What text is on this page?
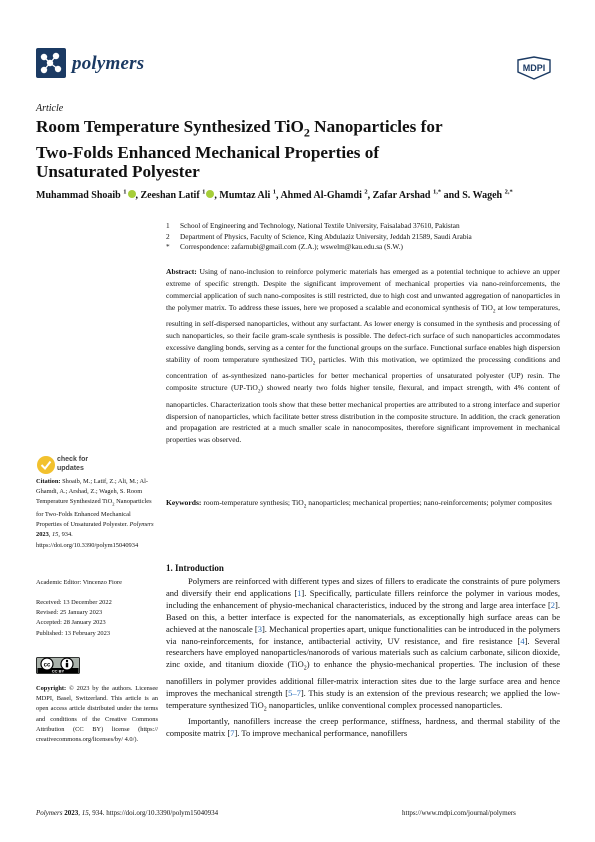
polymers	MDPI
Article
Room Temperature Synthesized TiO$_2$ Nanoparticles for
Two-Folds Enhanced Mechanical Properties of
Unsaturated Polyester
Muhammad Shoaib $^1$ , Zeeshan Latif $^1$ , Mumtaz Ali $^1$, Ahmed Al-Ghamdi $^2$, Zafar Arshad $^{1,*}$ and S. Wageh $^{2,*}$
1 School of Engineering and Technology, National Textile University, Faisalabad 37610, Pakistan
2 Department of Physics, Faculty of Science, King Abdulaziz University, Jeddah 21589, Saudi Arabia
* Correspondence: zafarnubi@gmail.com (Z.A.); wswelm@kau.edu.sa (S.W.)
Abstract: Using of nano-inclusion to reinforce polymeric materials has emerged as a potential technique to achieve an upper extreme of specific strength. Despite the significant improvement of mechanical properties via nano-reinforcements, the commercial application of such nano-composites is still restricted, due to high cost and unwanted aggregation of nanoparticles in the polymer matrix. To address these issues, here we proposed a scalable and economical synthesis of TiO$_2$ at low temperatures, resulting in self-dispersed nanoparticles, without any surfactant. As lower energy is consumed in the synthesis and processing of such nanoparticles, so their facile gram-scale synthesis is possible. The defect-rich surface of such nanoparticles accommodates excessive dangling bonds, serving as a center for the functional groups on the surface. Functional surface enables high dispersion stability of room temperature synthesized TiO$_2$ particles. With this motivation, we optimized the processing conditions and concentration of as-synthesized nano-particles for better mechanical properties of unsaturated polyester (UP) resin. The composite structure (UP-TiO$_2$) showed nearly two folds higher tensile, flexural, and impact strength, with 4% content of nanoparticles. Characterization tools show that these better mechanical properties are attributed to a strong interface and superior dispersion of nanoparticles, which facilitate better stress distribution in the composite structure. In addition, the crack generation and propagation are restricted at a much smaller scale in nanocomposites, therefore significant improvement in mechanical properties was observed.
Keywords: room-temperature synthesis; TiO$_2$ nanoparticles; mechanical properties; nano-reinforcements; polymer composites
check for
updates
Citation: Shoaib, M.; Latif, Z.; Ali, M.; Al-Ghamdi, A.; Arshad, Z.; Wageh, S. Room Temperature Synthesized TiO$_2$ Nanoparticles for Two-Folds Enhanced Mechanical Properties of Unsaturated Polyester. Polymers 2023, 15, 934. https://doi.org/10.3390/polym15040934
Academic Editor: Vincenzo Fiore
Received: 13 December 2022
Revised: 25 January 2023
Accepted: 28 January 2023
Published: 13 February 2023
cc
CC BY
Copyright: © 2023 by the authors. Licensee MDPI, Basel, Switzerland. This article is an open access article distributed under the terms and conditions of the Creative Commons Attribution (CC BY) license (https:// creativecommons.org/licenses/by/ 4.0/).
1. Introduction

Polymers are reinforced with different types and sizes of fillers to eradicate the constraints of pure polymers and diversify their end applications [1]. Specifically, particulate fillers reinforce the polymer in various modes, including the enhancement of physio-mechanical characteristics, induced by the strong and large area interface [2]. Based on this, a better interface is expected for the nanomaterials, as exceptionally high surface areas can be achieved at the nanoscale [3]. Mechanical properties apart, unique functionalities can be introduced in the polymers via nano-reinforcements, for instance, antibacterial activity, UV resistance, and fire resistance [4]. Several researchers have employed nanoparticles/nanorods of various materials such as calcium carbonate, silicon dioxide, zinc oxide, and titanium dioxide (TiO$_2$) to enhance the physio-mechanical properties. The inclusion of these nanofillers in polymer provides additional filler-matrix interaction sites due to the large surface area and hence improves the mechanical strength [5–7]. This study is an extension of the previous research; we applied the low-temperature synthesized TiO$_2$ nanoparticles, unlike conventional complex processed nanoparticles.

Importantly, nanofillers increase the creep performance, stiffness, hardness, and thermal stability of the composite matrix [7]. To improve mechanical performance, nanofillers

Polymers 2023, 15, 934. https://doi.org/10.3390/polym15040934	https://www.mdpi.com/journal/polymers
